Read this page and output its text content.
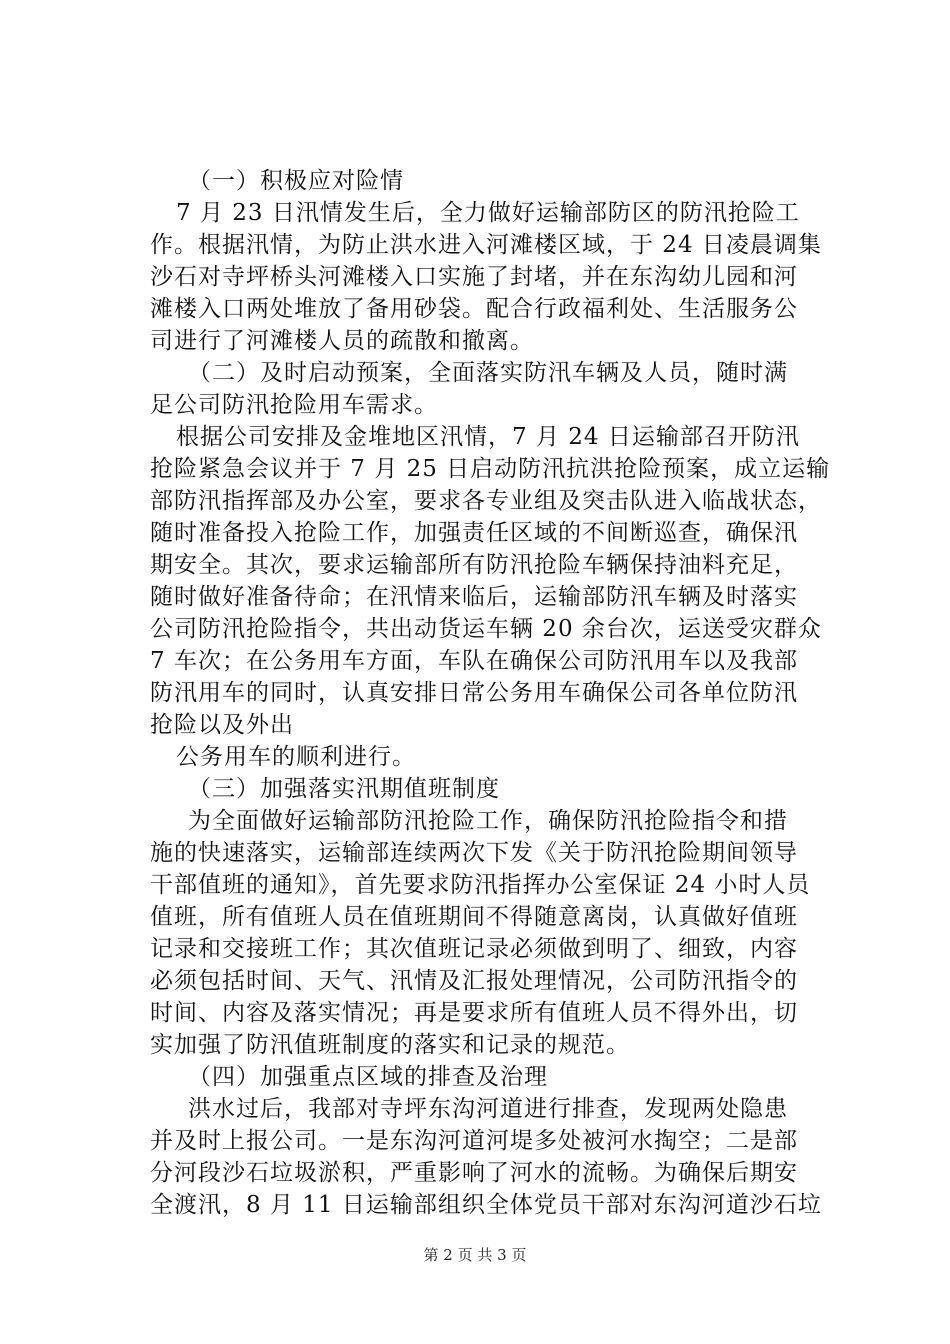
（一）积极应对险情
7 月 23 日汛情发生后，全力做好运输部防区的防汛抢险工
作。根据汛情，为防止洪水进入河滩楼区域，于 24 日凌晨调集
沙石对寺坪桥头河滩楼入口实施了封堵，并在东沟幼儿园和河
滩楼入口两处堆放了备用砂袋。配合行政福利处、生活服务公
司进行了河滩楼人员的疏散和撤离。
（二）及时启动预案，全面落实防汛车辆及人员，随时满
足公司防汛抢险用车需求。
根据公司安排及金堆地区汛情，7 月 24 日运输部召开防汛
抢险紧急会议并于 7 月 25 日启动防汛抗洪抢险预案，成立运输
部防汛指挥部及办公室，要求各专业组及突击队进入临战状态，
随时准备投入抢险工作，加强责任区域的不间断巡查，确保汛
期安全。其次，要求运输部所有防汛抢险车辆保持油料充足，
随时做好准备待命；在汛情来临后，运输部防汛车辆及时落实
公司防汛抢险指令，共出动货运车辆 20 余台次，运送受灾群众
7 车次；在公务用车方面，车队在确保公司防汛用车以及我部
防汛用车的同时，认真安排日常公务用车确保公司各单位防汛
抢险以及外出
公务用车的顺利进行。
（三）加强落实汛期值班制度
为全面做好运输部防汛抢险工作，确保防汛抢险指令和措
施的快速落实，运输部连续两次下发《关于防汛抢险期间领导
干部值班的通知》，首先要求防汛指挥办公室保证 24 小时人员
值班，所有值班人员在值班期间不得随意离岗，认真做好值班
记录和交接班工作；其次值班记录必须做到明了、细致，内容
必须包括时间、天气、汛情及汇报处理情况，公司防汛指令的
时间、内容及落实情况；再是要求所有值班人员不得外出，切
实加强了防汛值班制度的落实和记录的规范。
（四）加强重点区域的排查及治理
洪水过后，我部对寺坪东沟河道进行排查，发现两处隐患
并及时上报公司。一是东沟河道河堤多处被河水掏空；二是部
分河段沙石垃圾淤积，严重影响了河水的流畅。为确保后期安
全渡汛，8 月 11 日运输部组织全体党员干部对东沟河道沙石垃
第 2 页 共 3 页
